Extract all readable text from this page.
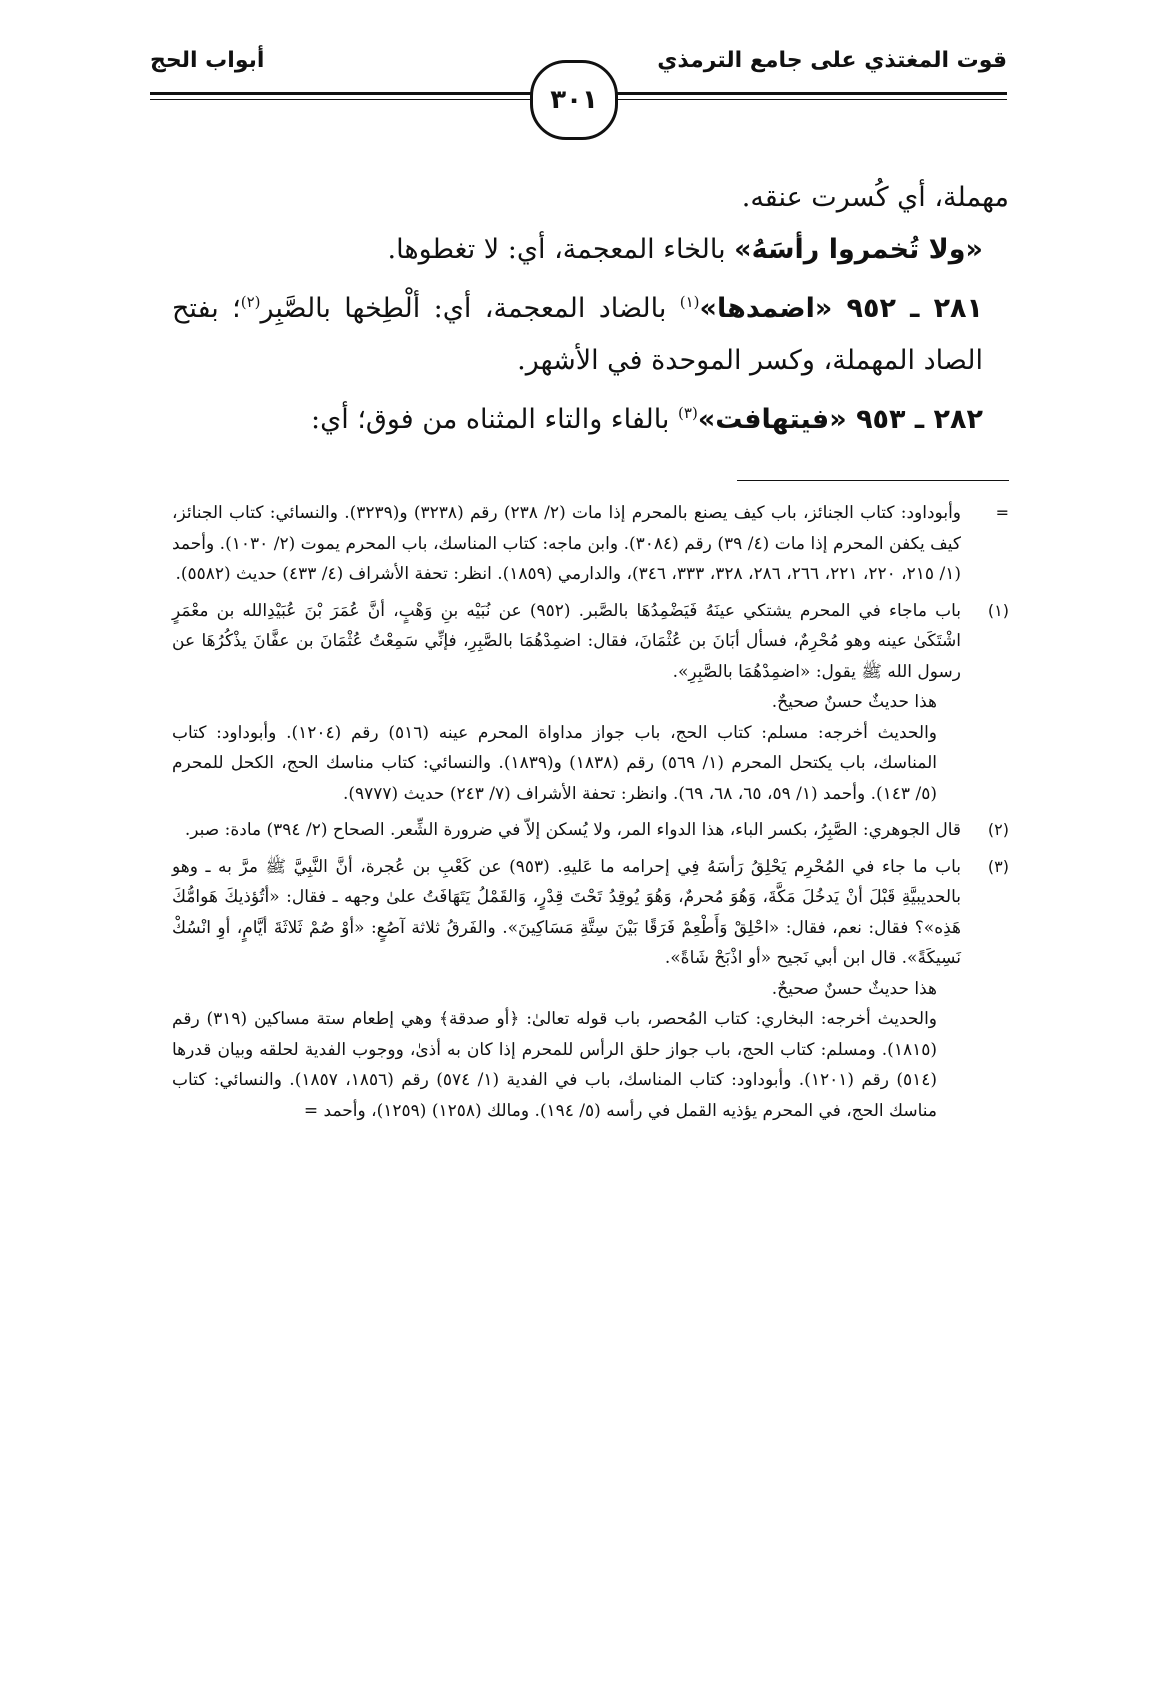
قوت المغتذي على جامع الترمذي
أبواب الحج
٣٠١

مهملة، أي كُسرت عنقه.

«ولا تُخمروا رأسَهُ» بالخاء المعجمة، أي: لا تغطوها.

٢٨١ ـ ٩٥٢ «اضمدها»$^{(١)}$ بالضاد المعجمة، أي: ألْطِخها بالصَّبِر$^{(٢)}$؛ بفتح الصاد المهملة، وكسر الموحدة في الأشهر.

٢٨٢ ـ ٩٥٣ «فيتهافت»$^{(٣)}$ بالفاء والتاء المثناه من فوق؛ أي:

=

وأبوداود: كتاب الجنائز، باب كيف يصنع بالمحرم إذا مات (٢/ ٢٣٨) رقم (٣٢٣٨) و(٣٢٣٩). والنسائي: كتاب الجنائز، كيف يكفن المحرم إذا مات (٤/ ٣٩) رقم (٣٠٨٤). وابن ماجه: كتاب المناسك، باب المحرم يموت (٢/ ١٠٣٠). وأحمد (١/ ٢١٥، ٢٢٠، ٢٢١، ٢٦٦، ٢٨٦، ٣٢٨، ٣٣٣، ٣٤٦)، والدارمي (١٨٥٩). انظر: تحفة الأشراف (٤/ ٤٣٣) حديث (٥٥٨٢).

(١)

باب ماجاء في المحرم يشتكي عينَهُ فَيَضْمِدُهَا بالصَّبر. (٩٥٢) عن نُبَيْه بنِ وَهْبٍ، أنَّ عُمَرَ بْنَ عُبَيْدِالله بن معْمَرٍ اشْتَكَىٰ عينه وهو مُحْرِمٌ، فسأل أبَانَ بن عُثْمَانَ، فقال: اضمِدْهُمَا بالصَّبِرِ، فإنِّي سَمِعْتُ عُثْمَانَ بن عفَّانَ يذْكُرُهَا عن رسول الله ﷺ يقول: «اضمِدْهُمَا بالصَّبِرِ».

هذا حديثٌ حسنٌ صحيحٌ.

والحديث أخرجه: مسلم: كتاب الحج، باب جواز مداواة المحرم عينه (٥١٦) رقم (١٢٠٤). وأبوداود: كتاب المناسك، باب يكتحل المحرم (١/ ٥٦٩) رقم (١٨٣٨) و(١٨٣٩). والنسائي: كتاب مناسك الحج، الكحل للمحرم (٥/ ١٤٣). وأحمد (١/ ٥٩، ٦٥، ٦٨، ٦٩). وانظر: تحفة الأشراف (٧/ ٢٤٣) حديث (٩٧٧٧).

(٢)

قال الجوهري: الصَّبِرُ، بكسر الباء، هذا الدواء المر، ولا يُسكن إلاّ في ضرورة الشِّعر. الصحاح (٢/ ٣٩٤) مادة: صبر.

(٣)

باب ما جاء في المُحْرِم يَحْلِقُ رَأسَهُ فِي إحرامه ما عَليهِ. (٩٥٣) عن كَعْبِ بن عُجرة، أنَّ النَّبِيَّ ﷺ مرَّ به ـ وهو بالحديبيَّةِ قَبْلَ أنْ يَدخُلَ مَكَّةَ، وَهُوَ مُحرمٌ، وَهُوَ يُوقِدُ تَحْتَ قِدْرٍ، وَالقَمْلُ يَتَهَافَتُ علىٰ وجهه ـ فقال: «أتُؤذيكَ هَوامُّكَ هَذِه»؟ فقال: نعم، فقال: «احْلِقْ وَأَطْعِمْ فَرَقًا بَيْنَ سِتَّةِ مَسَاكِينَ». والفَرقُ ثلاثة آصُعٍ: «أوْ صُمْ ثَلاثَةَ أيَّامٍ، أوِ انْسُكْ نَسِيكَةً». قال ابن أبي نَجيح «أو اذْبَحْ شَاةً».

هذا حديثٌ حسنٌ صحيحٌ.

والحديث أخرجه: البخاري: كتاب المُحصر، باب قوله تعالىٰ: ﴿أو صدقة﴾ وهي إطعام ستة مساكين (٣١٩) رقم (١٨١٥). ومسلم: كتاب الحج، باب جواز حلق الرأس للمحرم إذا كان به أذىٰ، ووجوب الفدية لحلقه وبيان قدرها (٥١٤) رقم (١٢٠١). وأبوداود: كتاب المناسك، باب في الفدية (١/ ٥٧٤) رقم (١٨٥٦، ١٨٥٧). والنسائي: كتاب مناسك الحج، في المحرم يؤذيه القمل في رأسه (٥/ ١٩٤). ومالك (١٢٥٨) (١٢٥٩)، وأحمد =
